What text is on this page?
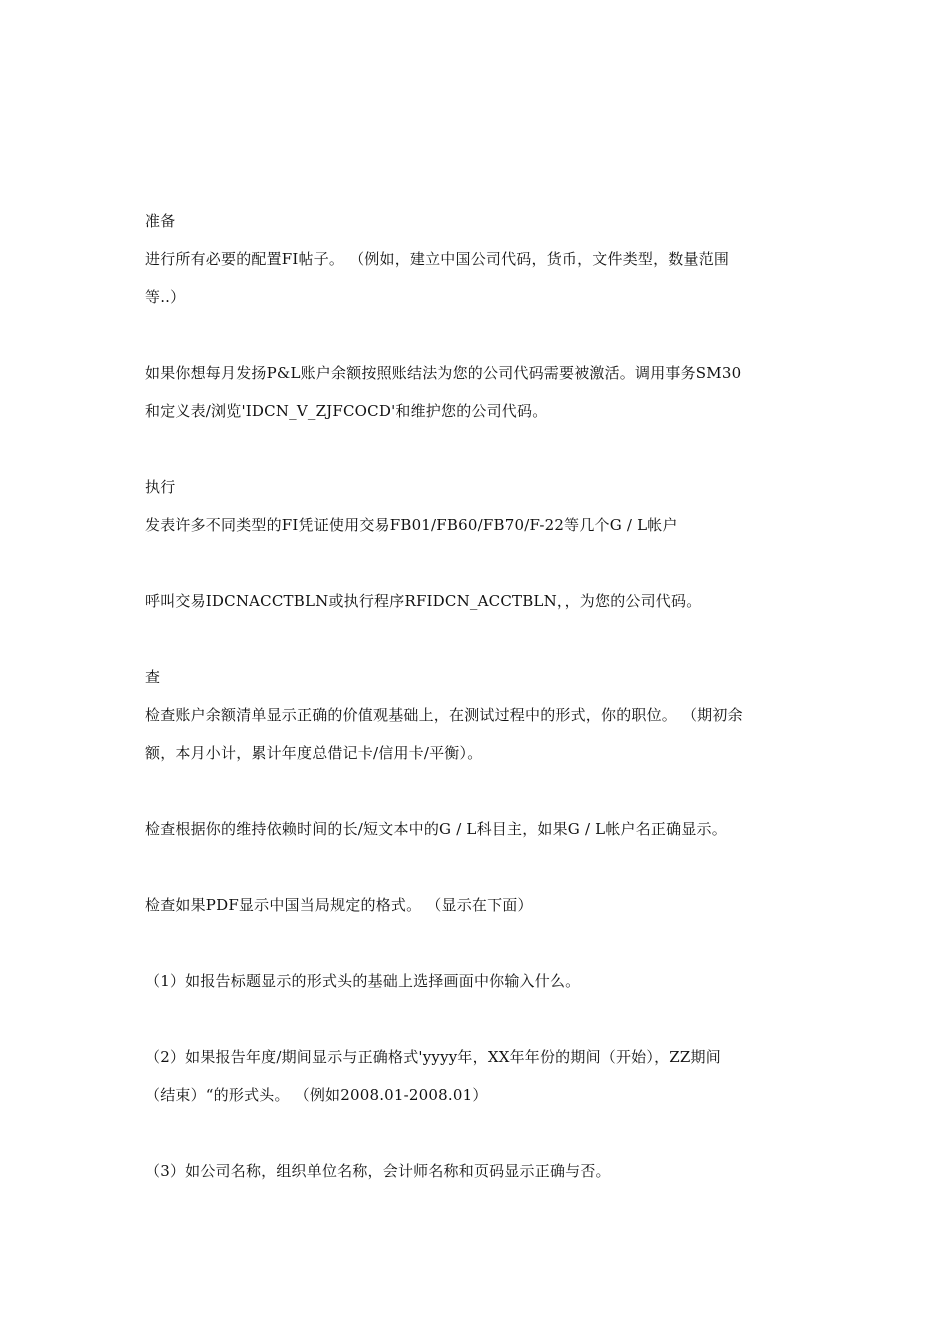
准备

进行所有必要的配置FI帖子。 （例如，建立中国公司代码，货币，文件类型，数量范围

等..）

如果你想每月发扬P&L账户余额按照账结法为您的公司代码需要被激活。调用事务SM30

和定义表/浏览'IDCN_V_ZJFCOCD'和维护您的公司代码。

执行

发表许多不同类型的FI凭证使用交易FB01/FB60/FB70/F-22等几个G / L帐户

呼叫交易IDCNACCTBLN或执行程序RFIDCN_ACCTBLN，，为您的公司代码。

查

检查账户余额清单显示正确的价值观基础上，在测试过程中的形式，你的职位。 （期初余

额，本月小计，累计年度总借记卡/信用卡/平衡）。

检查根据你的维持依赖时间的长/短文本中的G / L科目主，如果G / L帐户名正确显示。

检查如果PDF显示中国当局规定的格式。 （显示在下面）

（1）如报告标题显示的形式头的基础上选择画面中你输入什么。

（2）如果报告年度/期间显示与正确格式'yyyy年，XX年年份的期间（开始），ZZ期间

（结束）“的形式头。 （例如2008.01-2008.01）

（3）如公司名称，组织单位名称，会计师名称和页码显示正确与否。
